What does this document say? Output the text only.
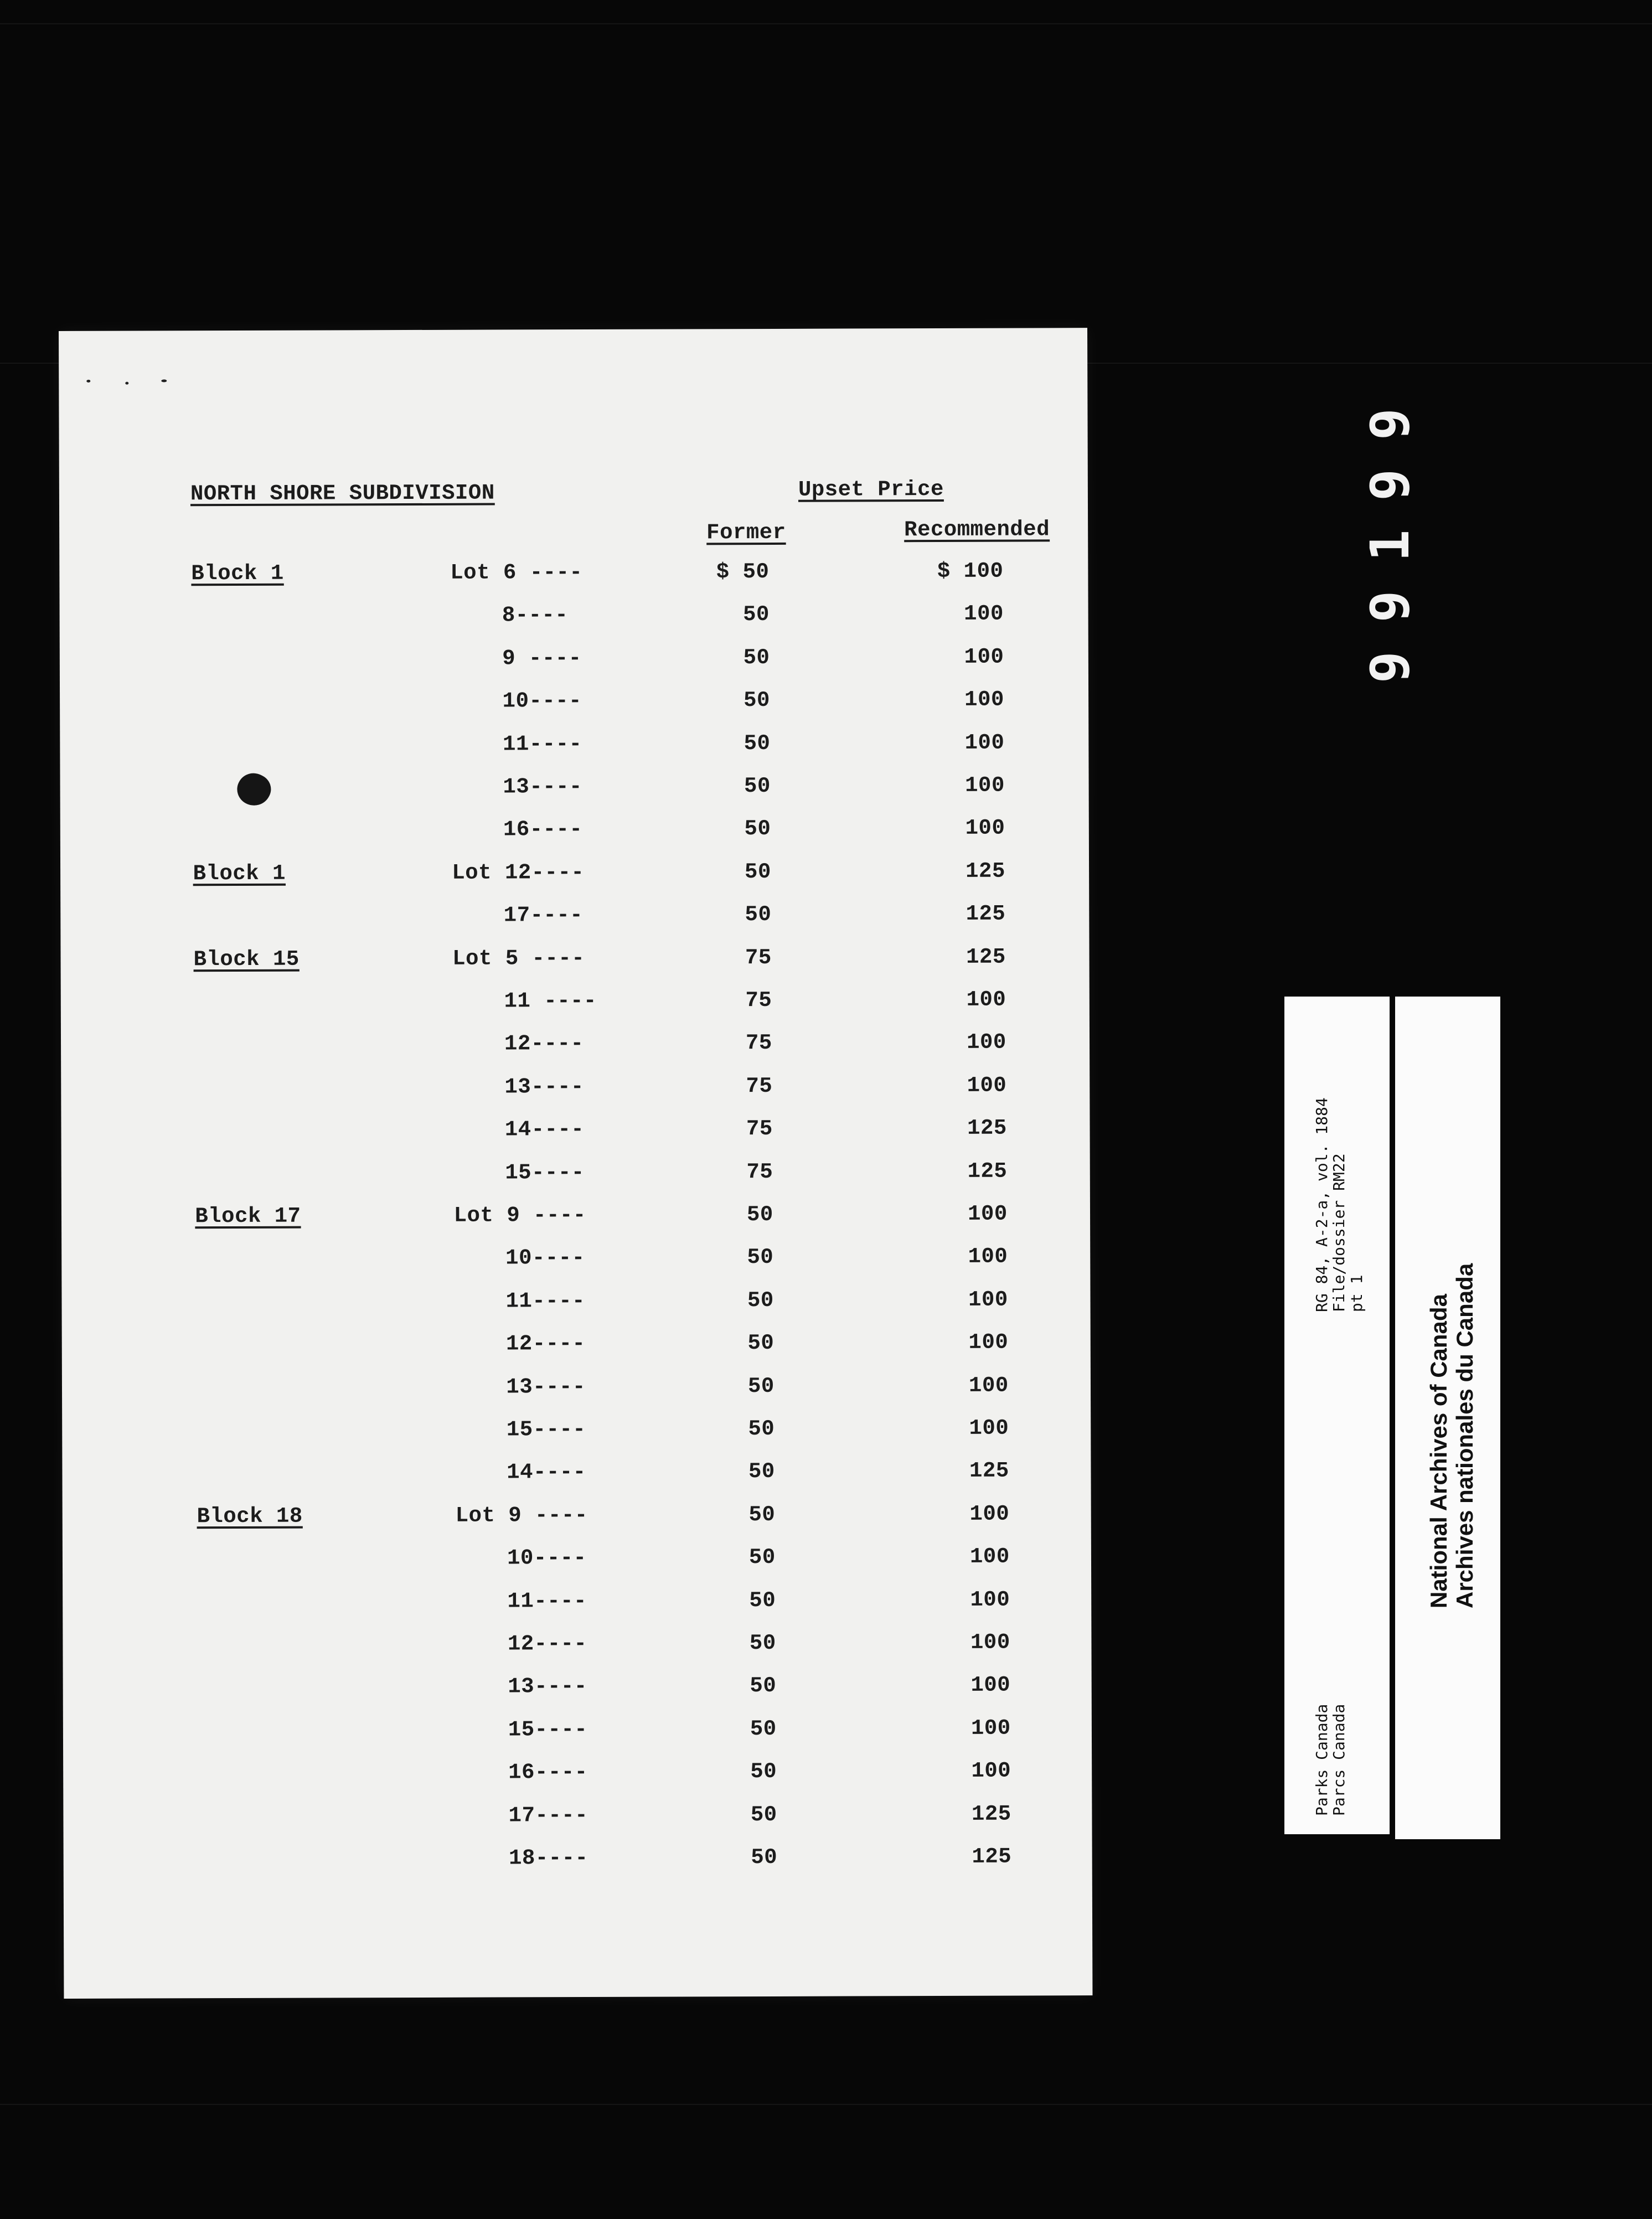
99199
NORTH SHORE SUBDIVISION	Upset Price
Former	Recommended
Block 1	Lot 6 ----	$ 50	$ 100
8----	50	100
9 ----	50	100
10----	50	100
11----	50	100
13----	50	100
16----	50	100
Block 1	Lot 12----	50	125
17----	50	125
Block 15	Lot 5 ----	75	125
11 ----	75	100
12----	75	100
13----	75	100
14----	75	125
15----	75	125
Block 17	Lot 9 ----	50	100
10----	50	100
11----	50	100
12----	50	100
13----	50	100
15----	50	100
14----	50	125
Block 18	Lot 9 ----	50	100
10----	50	100
11----	50	100
12----	50	100
13----	50	100
15----	50	100
16----	50	100
17----	50	125
18----	50	125
RG 84, A-2-a, vol. 1884
File/dossier RM22
pt 1
Parks Canada
Parcs Canada
National Archives of Canada Archives nationales du Canada
